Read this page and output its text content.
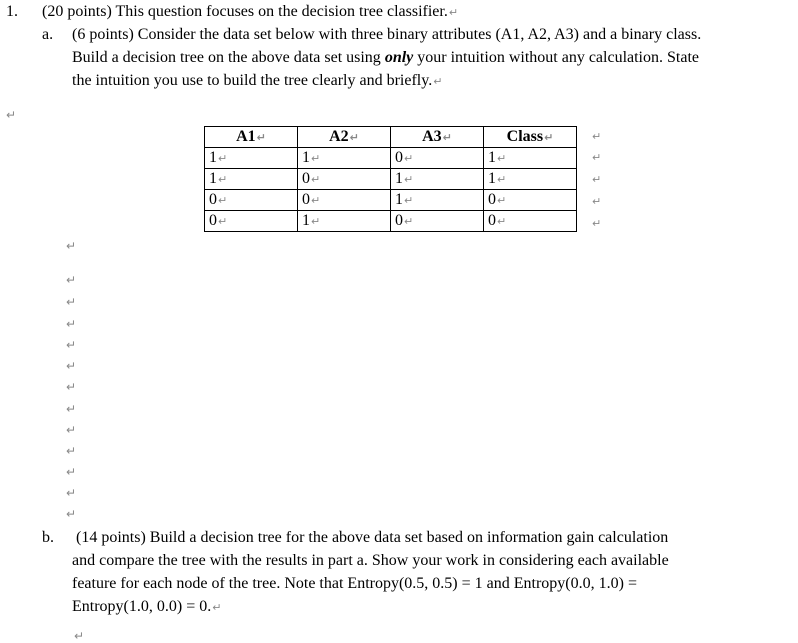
1. (20 points) This question focuses on the decision tree classifier.↵
a. (6 points) Consider the data set below with three binary attributes (A1, A2, A3) and a binary class.
Build a decision tree on the above data set using only your intuition without any calculation. State
the intuition you use to build the tree clearly and briefly.↵
↵
A1↵	A2↵	A3↵	Class↵
1↵	1↵	0↵	1↵
1↵	0↵	1↵	1↵
0↵	0↵	1↵	0↵
0↵	1↵	0↵	0↵
↵
↵
↵
↵
↵
↵
↵
↵
↵
↵
↵
↵
↵
↵
↵
↵
↵
↵
b. (14 points) Build a decision tree for the above data set based on information gain calculation
and compare the tree with the results in part a. Show your work in considering each available
feature for each node of the tree. Note that Entropy(0.5, 0.5) = 1 and Entropy(0.0, 1.0) =
Entropy(1.0, 0.0) = 0.↵
↵
